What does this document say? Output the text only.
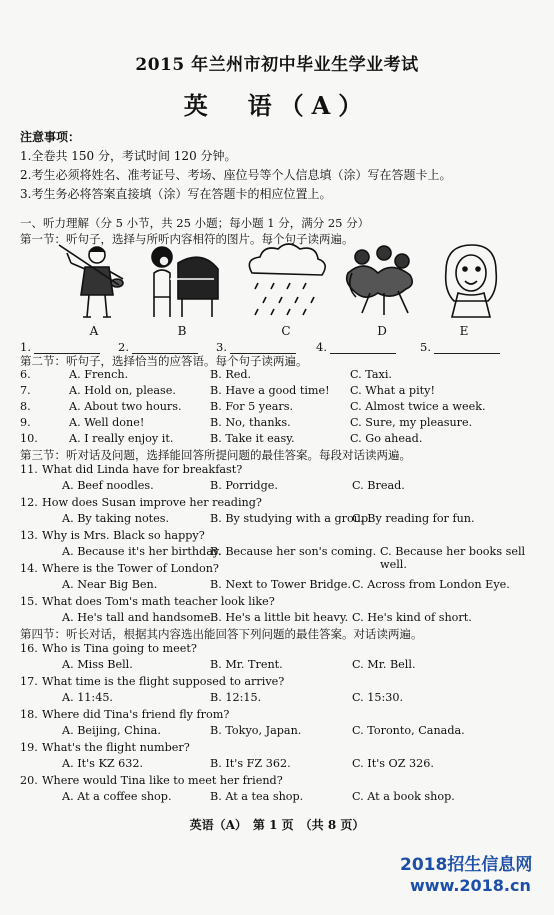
2015 年兰州市初中毕业生学业考试
英　语（A）
注意事项：
1.全卷共 150 分，考试时间 120 分钟。
2.考生必须将姓名、准考证号、考场、座位号等个人信息填（涂）写在答题卡上。
3.考生务必将答案直接填（涂）写在答题卡的相应位置上。
一、听力理解（分 5 小节，共 25 小题；每小题 1 分，满分 25 分）
第一节：听句子，选择与所听内容相符的图片。每个句子读两遍。
A	B	C	D	E
1.	2.	3.	4.	5.
第二节：听句子，选择恰当的应答语。每个句子读两遍。
6.	A. French.	B. Red.	C. Taxi.
7.	A. Hold on, please.	B. Have a good time! C. What a pity!
8.	A. About two hours.	B. For 5 years.	C. Almost twice a week.
9.	A. Well done!	B. No, thanks.	C. Sure, my pleasure.
10.	A. I really enjoy it.	B. Take it easy.	C. Go ahead.
第三节：听对话及问题，选择能回答所提问题的最佳答案。每段对话读两遍。
11. What did Linda have for breakfast?
A. Beef noodles.	B. Porridge.	C. Bread.
12. How does Susan improve her reading?
A. By taking notes.	B. By studying with a group.
C. By reading for fun.
13. Why is Mrs. Black so happy?
A. Because it's her birthday.
B. Because her son's coming. C. Because her books sell well.
14. Where is the Tower of London?
A. Near Big Ben.	B. Next to Tower Bridge. C. Across from London Eye.
15. What does Tom's math teacher look like?
A. He's tall and handsome.
B. He's a little bit heavy. C. He's kind of short.
第四节：听长对话，根据其内容选出能回答下列问题的最佳答案。对话读两遍。
16. Who is Tina going to meet?
A. Miss Bell.	B. Mr. Trent.	C. Mr. Bell.
17. What time is the flight supposed to arrive?
A. 11:45.	B. 12:15.	C. 15:30.
18. Where did Tina's friend fly from?
A. Beijing, China.	B. Tokyo, Japan.	C. Toronto, Canada.
19. What's the flight number?
A. It's KZ 632.	B. It's FZ 362.	C. It's OZ 326.
20. Where would Tina like to meet her friend?
A. At a coffee shop.	B. At a tea shop.	C. At a book shop.
英语（A）　第 1 页　（共 8 页）
2018招生信息网
www.2018.cn
